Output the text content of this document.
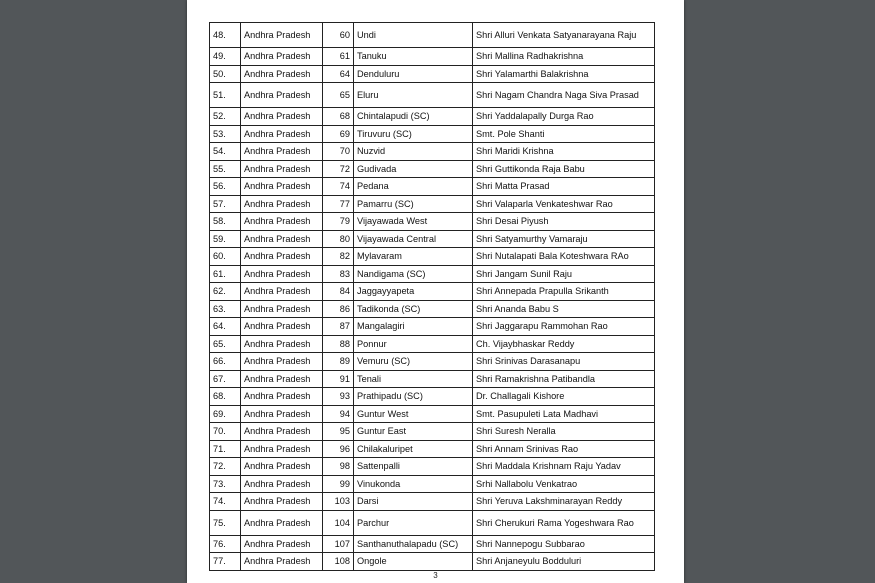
48.	Andhra Pradesh	60	Undi	Shri Alluri Venkata Satyanarayana Raju
49.	Andhra Pradesh	61	Tanuku	Shri Mallina Radhakrishna
50.	Andhra Pradesh	64	Denduluru	Shri Yalamarthi Balakrishna
51.	Andhra Pradesh	65	Eluru	Shri Nagam Chandra Naga Siva Prasad
52.	Andhra Pradesh	68	Chintalapudi (SC)	Shri Yaddalapally Durga Rao
53.	Andhra Pradesh	69	Tiruvuru (SC)	Smt. Pole Shanti
54.	Andhra Pradesh	70	Nuzvid	Shri Maridi Krishna
55.	Andhra Pradesh	72	Gudivada	Shri Guttikonda Raja Babu
56.	Andhra Pradesh	74	Pedana	Shri Matta Prasad
57.	Andhra Pradesh	77	Pamarru (SC)	Shri Valaparla Venkateshwar Rao
58.	Andhra Pradesh	79	Vijayawada West	Shri Desai Piyush
59.	Andhra Pradesh	80	Vijayawada Central	Shri Satyamurthy Vamaraju
60.	Andhra Pradesh	82	Mylavaram	Shri Nutalapati Bala Koteshwara RAo
61.	Andhra Pradesh	83	Nandigama (SC)	Shri Jangam Sunil Raju
62.	Andhra Pradesh	84	Jaggayyapeta	Shri Annepada Prapulla Srikanth
63.	Andhra Pradesh	86	Tadikonda (SC)	Shri Ananda Babu S
64.	Andhra Pradesh	87	Mangalagiri	Shri Jaggarapu Rammohan Rao
65.	Andhra Pradesh	88	Ponnur	Ch. Vijaybhaskar Reddy
66.	Andhra Pradesh	89	Vemuru (SC)	Shri Srinivas Darasanapu
67.	Andhra Pradesh	91	Tenali	Shri Ramakrishna Patibandla
68.	Andhra Pradesh	93	Prathipadu (SC)	Dr. Challagali Kishore
69.	Andhra Pradesh	94	Guntur West	Smt. Pasupuleti Lata Madhavi
70.	Andhra Pradesh	95	Guntur East	Shri Suresh Neralla
71.	Andhra Pradesh	96	Chilakaluripet	Shri Annam Srinivas Rao
72.	Andhra Pradesh	98	Sattenpalli	Shri Maddala Krishnam Raju Yadav
73.	Andhra Pradesh	99	Vinukonda	Srhi Nallabolu Venkatrao
74.	Andhra Pradesh	103	Darsi	Shri Yeruva Lakshminarayan Reddy
75.	Andhra Pradesh	104	Parchur	Shri Cherukuri Rama Yogeshwara Rao
76.	Andhra Pradesh	107	Santhanuthalapadu (SC)	Shri Nannepogu Subbarao
77.	Andhra Pradesh	108	Ongole	Shri Anjaneyulu Bodduluri
3
